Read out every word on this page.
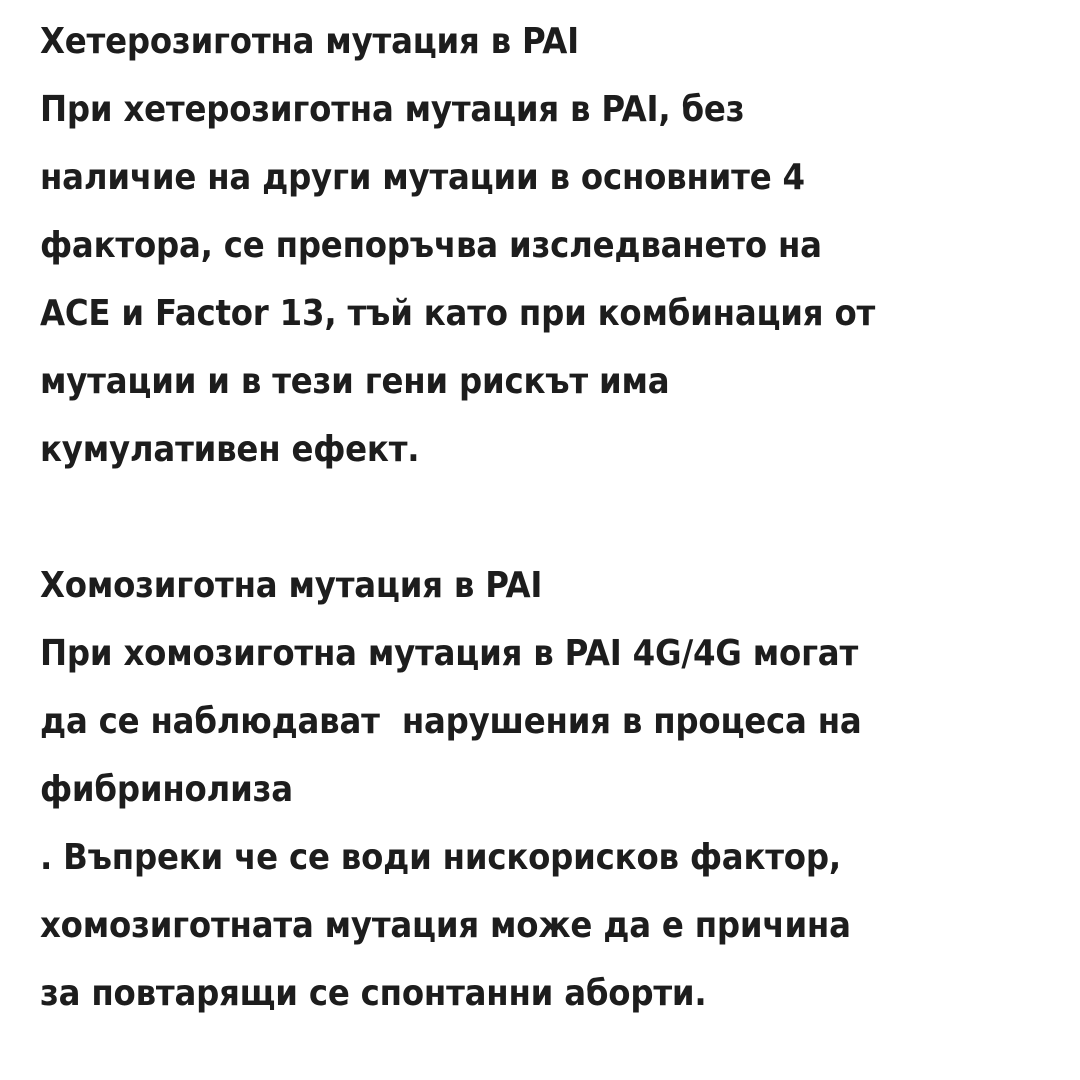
Хетерозиготна мутация в PAI
При хетерозиготна мутация в PAI, без
наличие на други мутации в основните 4
фактора, се препоръчва изследването на
ACE и Factor 13, тъй като при комбинация от
мутации и в тези гени рискът има
кумулативен ефект.
Хомозиготна мутация в PAI
При хомозиготна мутация в PAI 4G/4G могат
да се наблюдават  нарушения в процеса на
фибринолиза
. Въпреки че се води нискорисков фактор,
хомозиготната мутация може да е причина
за повтарящи се спонтанни аборти.
